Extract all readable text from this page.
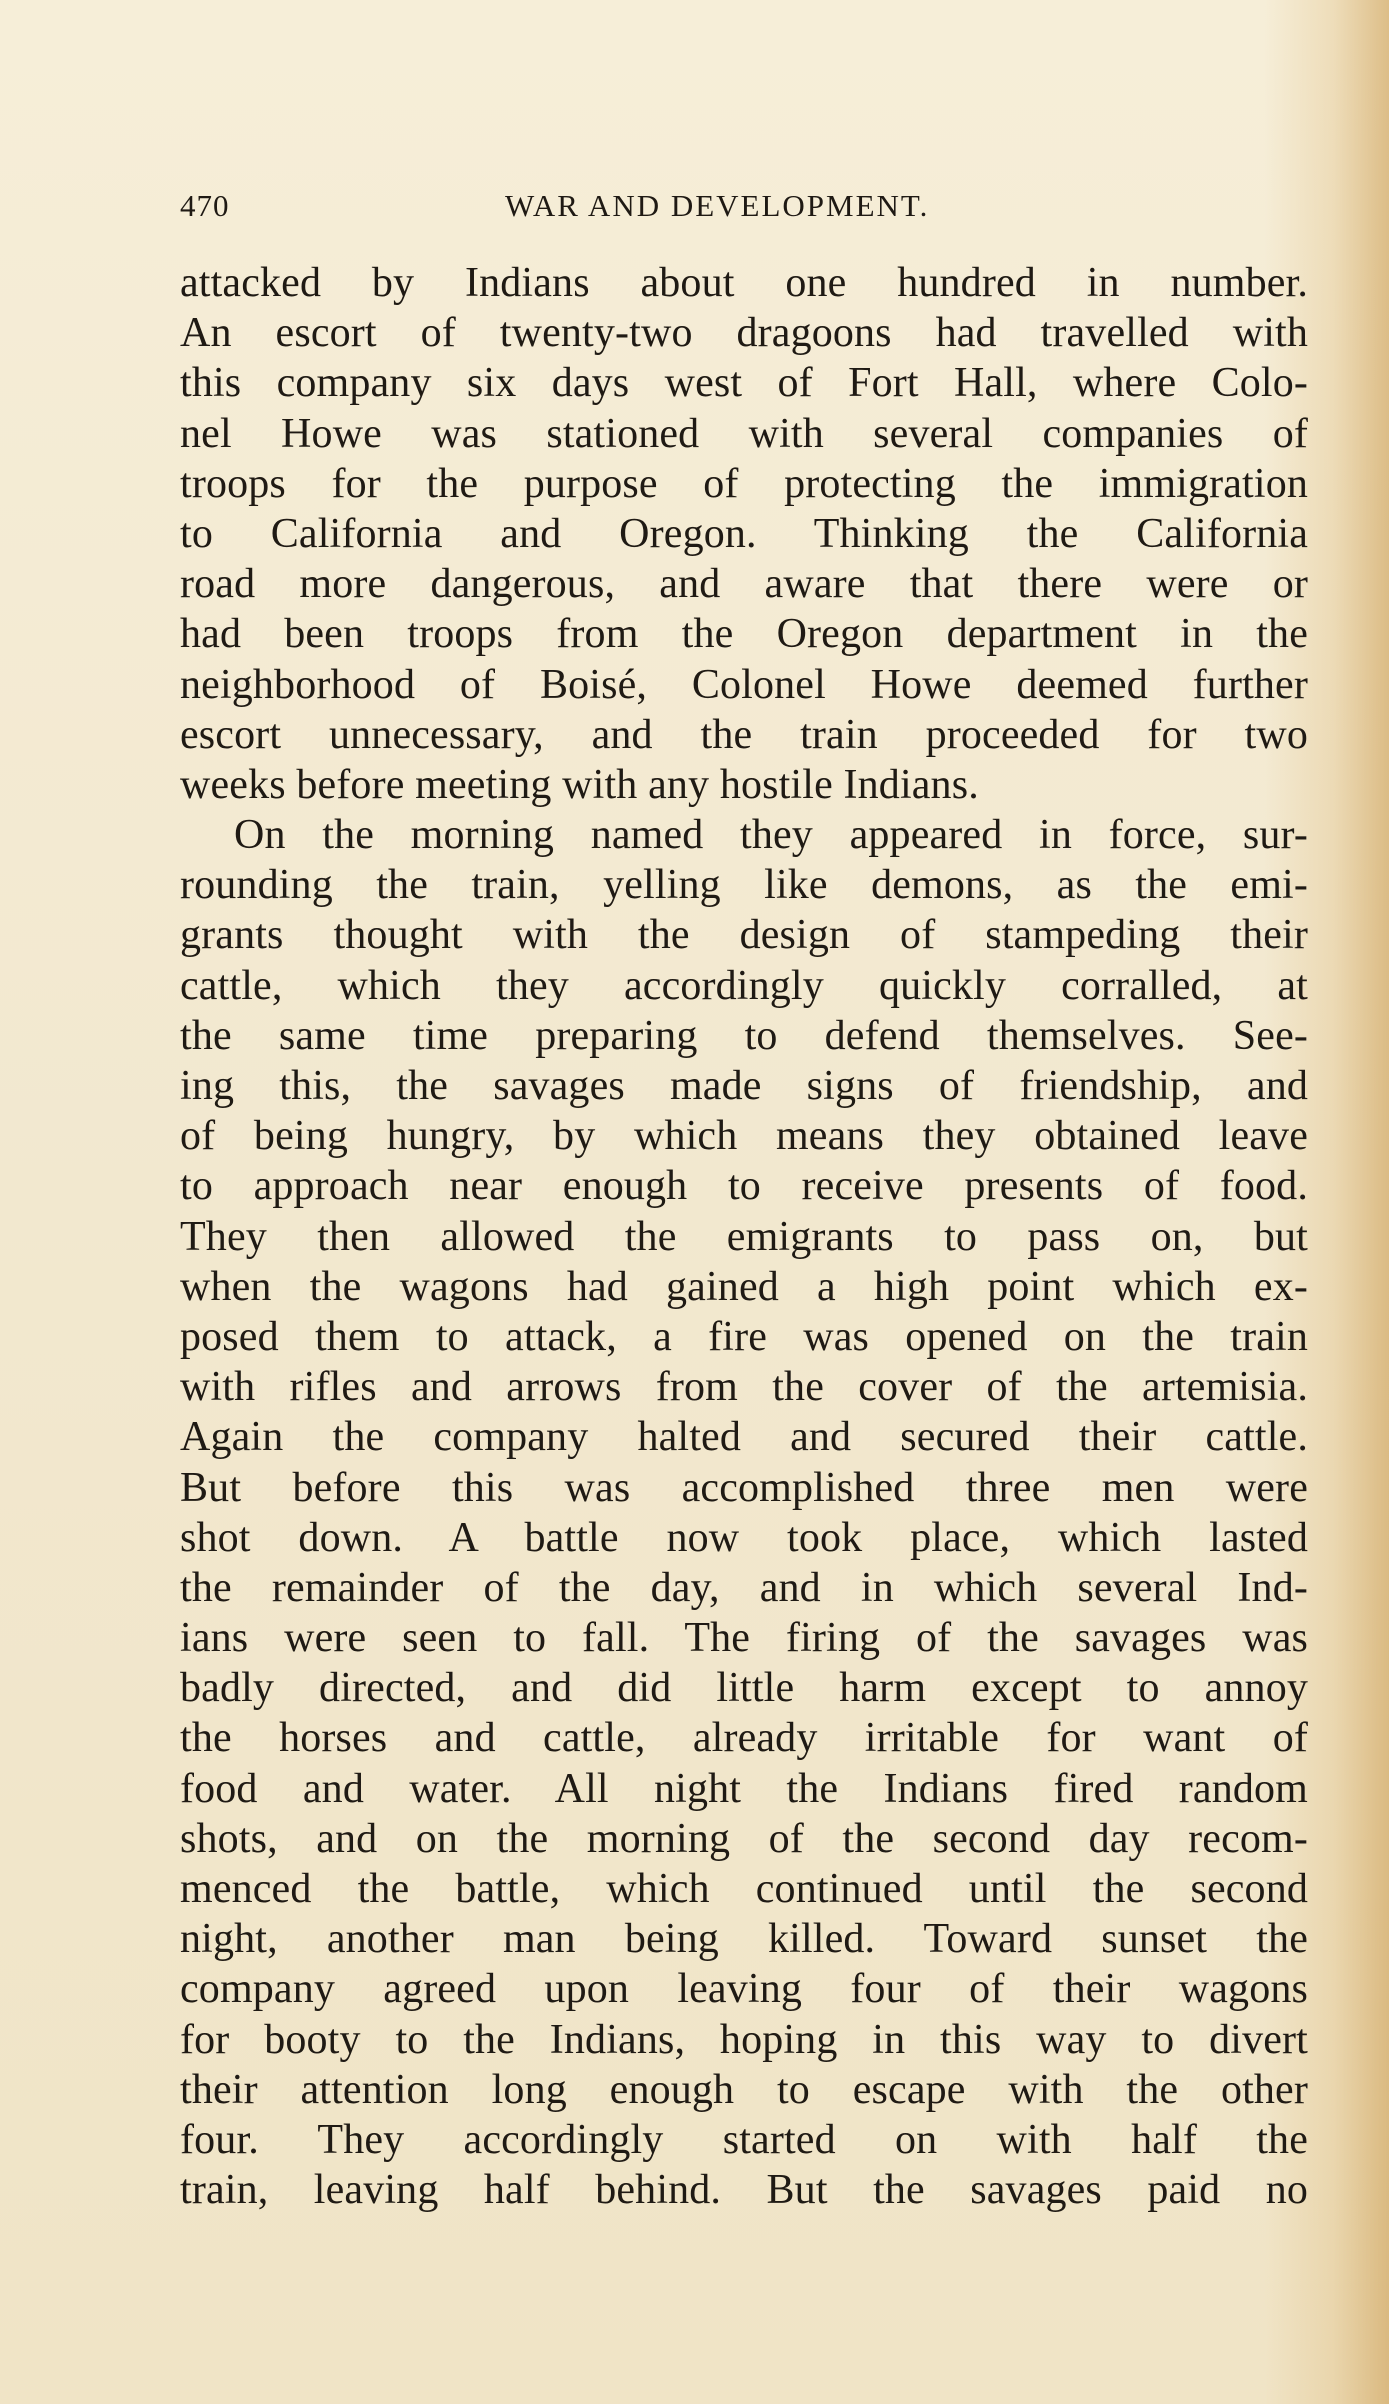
470	WAR AND DEVELOPMENT.
attacked by Indians about one hundred in number.
An escort of twenty-two dragoons had travelled with
this company six days west of Fort Hall, where Colo-
nel Howe was stationed with several companies of
troops for the purpose of protecting the immigration
to California and Oregon. Thinking the California
road more dangerous, and aware that there were or
had been troops from the Oregon department in the
neighborhood of Boisé, Colonel Howe deemed further
escort unnecessary, and the train proceeded for two
weeks before meeting with any hostile Indians.
On the morning named they appeared in force, sur-
rounding the train, yelling like demons, as the emi-
grants thought with the design of stampeding their
cattle, which they accordingly quickly corralled, at
the same time preparing to defend themselves. See-
ing this, the savages made signs of friendship, and
of being hungry, by which means they obtained leave
to approach near enough to receive presents of food.
They then allowed the emigrants to pass on, but
when the wagons had gained a high point which ex-
posed them to attack, a fire was opened on the train
with rifles and arrows from the cover of the artemisia.
Again the company halted and secured their cattle.
But before this was accomplished three men were
shot down. A battle now took place, which lasted
the remainder of the day, and in which several Ind-
ians were seen to fall. The firing of the savages was
badly directed, and did little harm except to annoy
the horses and cattle, already irritable for want of
food and water. All night the Indians fired random
shots, and on the morning of the second day recom-
menced the battle, which continued until the second
night, another man being killed. Toward sunset the
company agreed upon leaving four of their wagons
for booty to the Indians, hoping in this way to divert
their attention long enough to escape with the other
four. They accordingly started on with half the
train, leaving half behind. But the savages paid no
